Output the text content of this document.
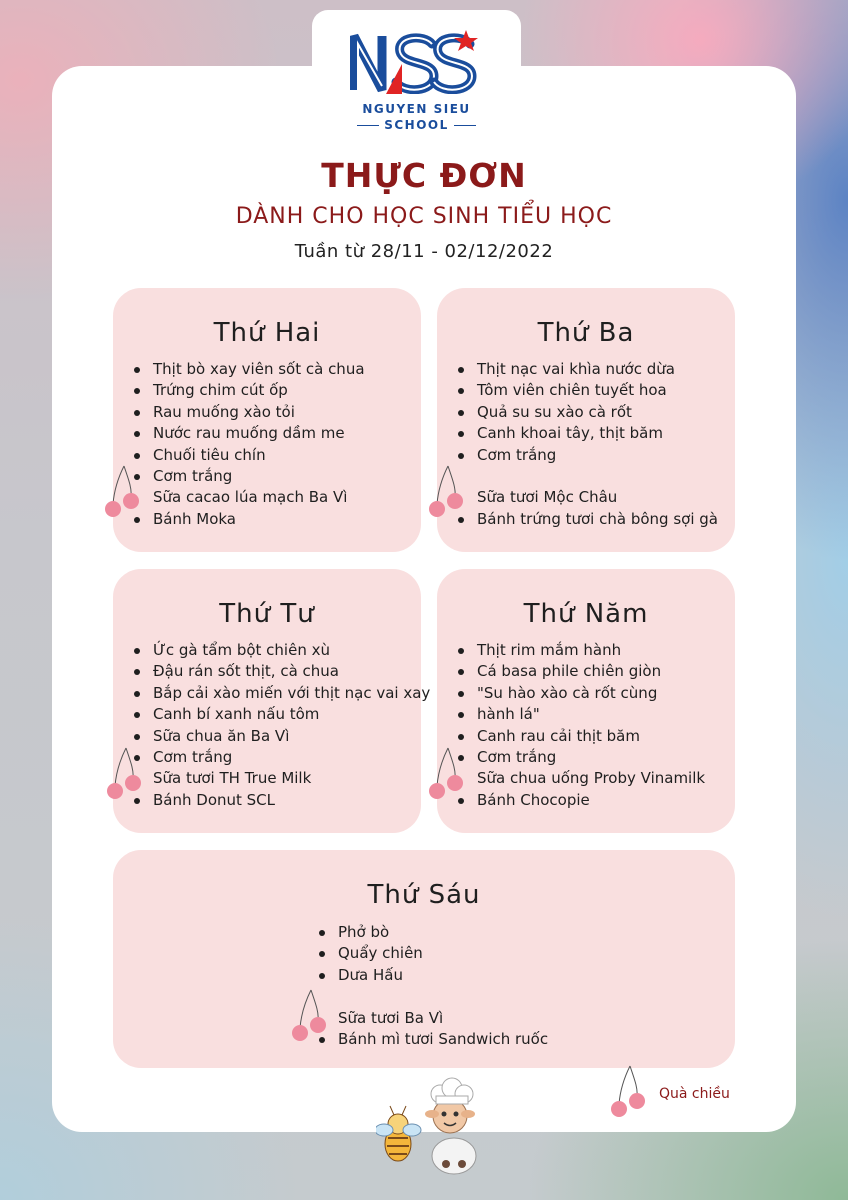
NGUYEN SIEU
SCHOOL
THỰC ĐƠN
DÀNH CHO HỌC SINH TIỂU HỌC
Tuần từ 28/11 - 02/12/2022
Thứ Hai
Thịt bò xay viên sốt cà chua
Trứng chim cút ốp
Rau muống xào tỏi
Nước rau muống dầm me
Chuối tiêu chín
Cơm trắng
Sữa cacao lúa mạch Ba Vì
Bánh Moka
Thứ Ba
Thịt nạc vai khìa nước dừa
Tôm viên chiên tuyết hoa
Quả su su xào cà rốt
Canh khoai tây, thịt băm
Cơm trắng
Sữa tươi Mộc Châu
Bánh trứng tươi chà bông sợi gà
Thứ Tư
Ức gà tẩm bột chiên xù
Đậu rán sốt thịt, cà chua
Bắp cải xào miến với thịt nạc vai xay
Canh bí xanh nấu tôm
Sữa chua ăn Ba Vì
Cơm trắng
Sữa tươi TH True Milk
Bánh Donut SCL
Thứ Năm
Thịt rim mắm hành
Cá basa phile chiên giòn
"Su hào xào cà rốt cùng
hành lá"
Canh rau cải thịt băm
Cơm trắng
Sữa chua uống Proby Vinamilk
Bánh Chocopie
Thứ Sáu
Phở bò
Quẩy chiên
Dưa Hấu
Sữa tươi Ba Vì
Bánh mì tươi Sandwich ruốc
Quà chiều
